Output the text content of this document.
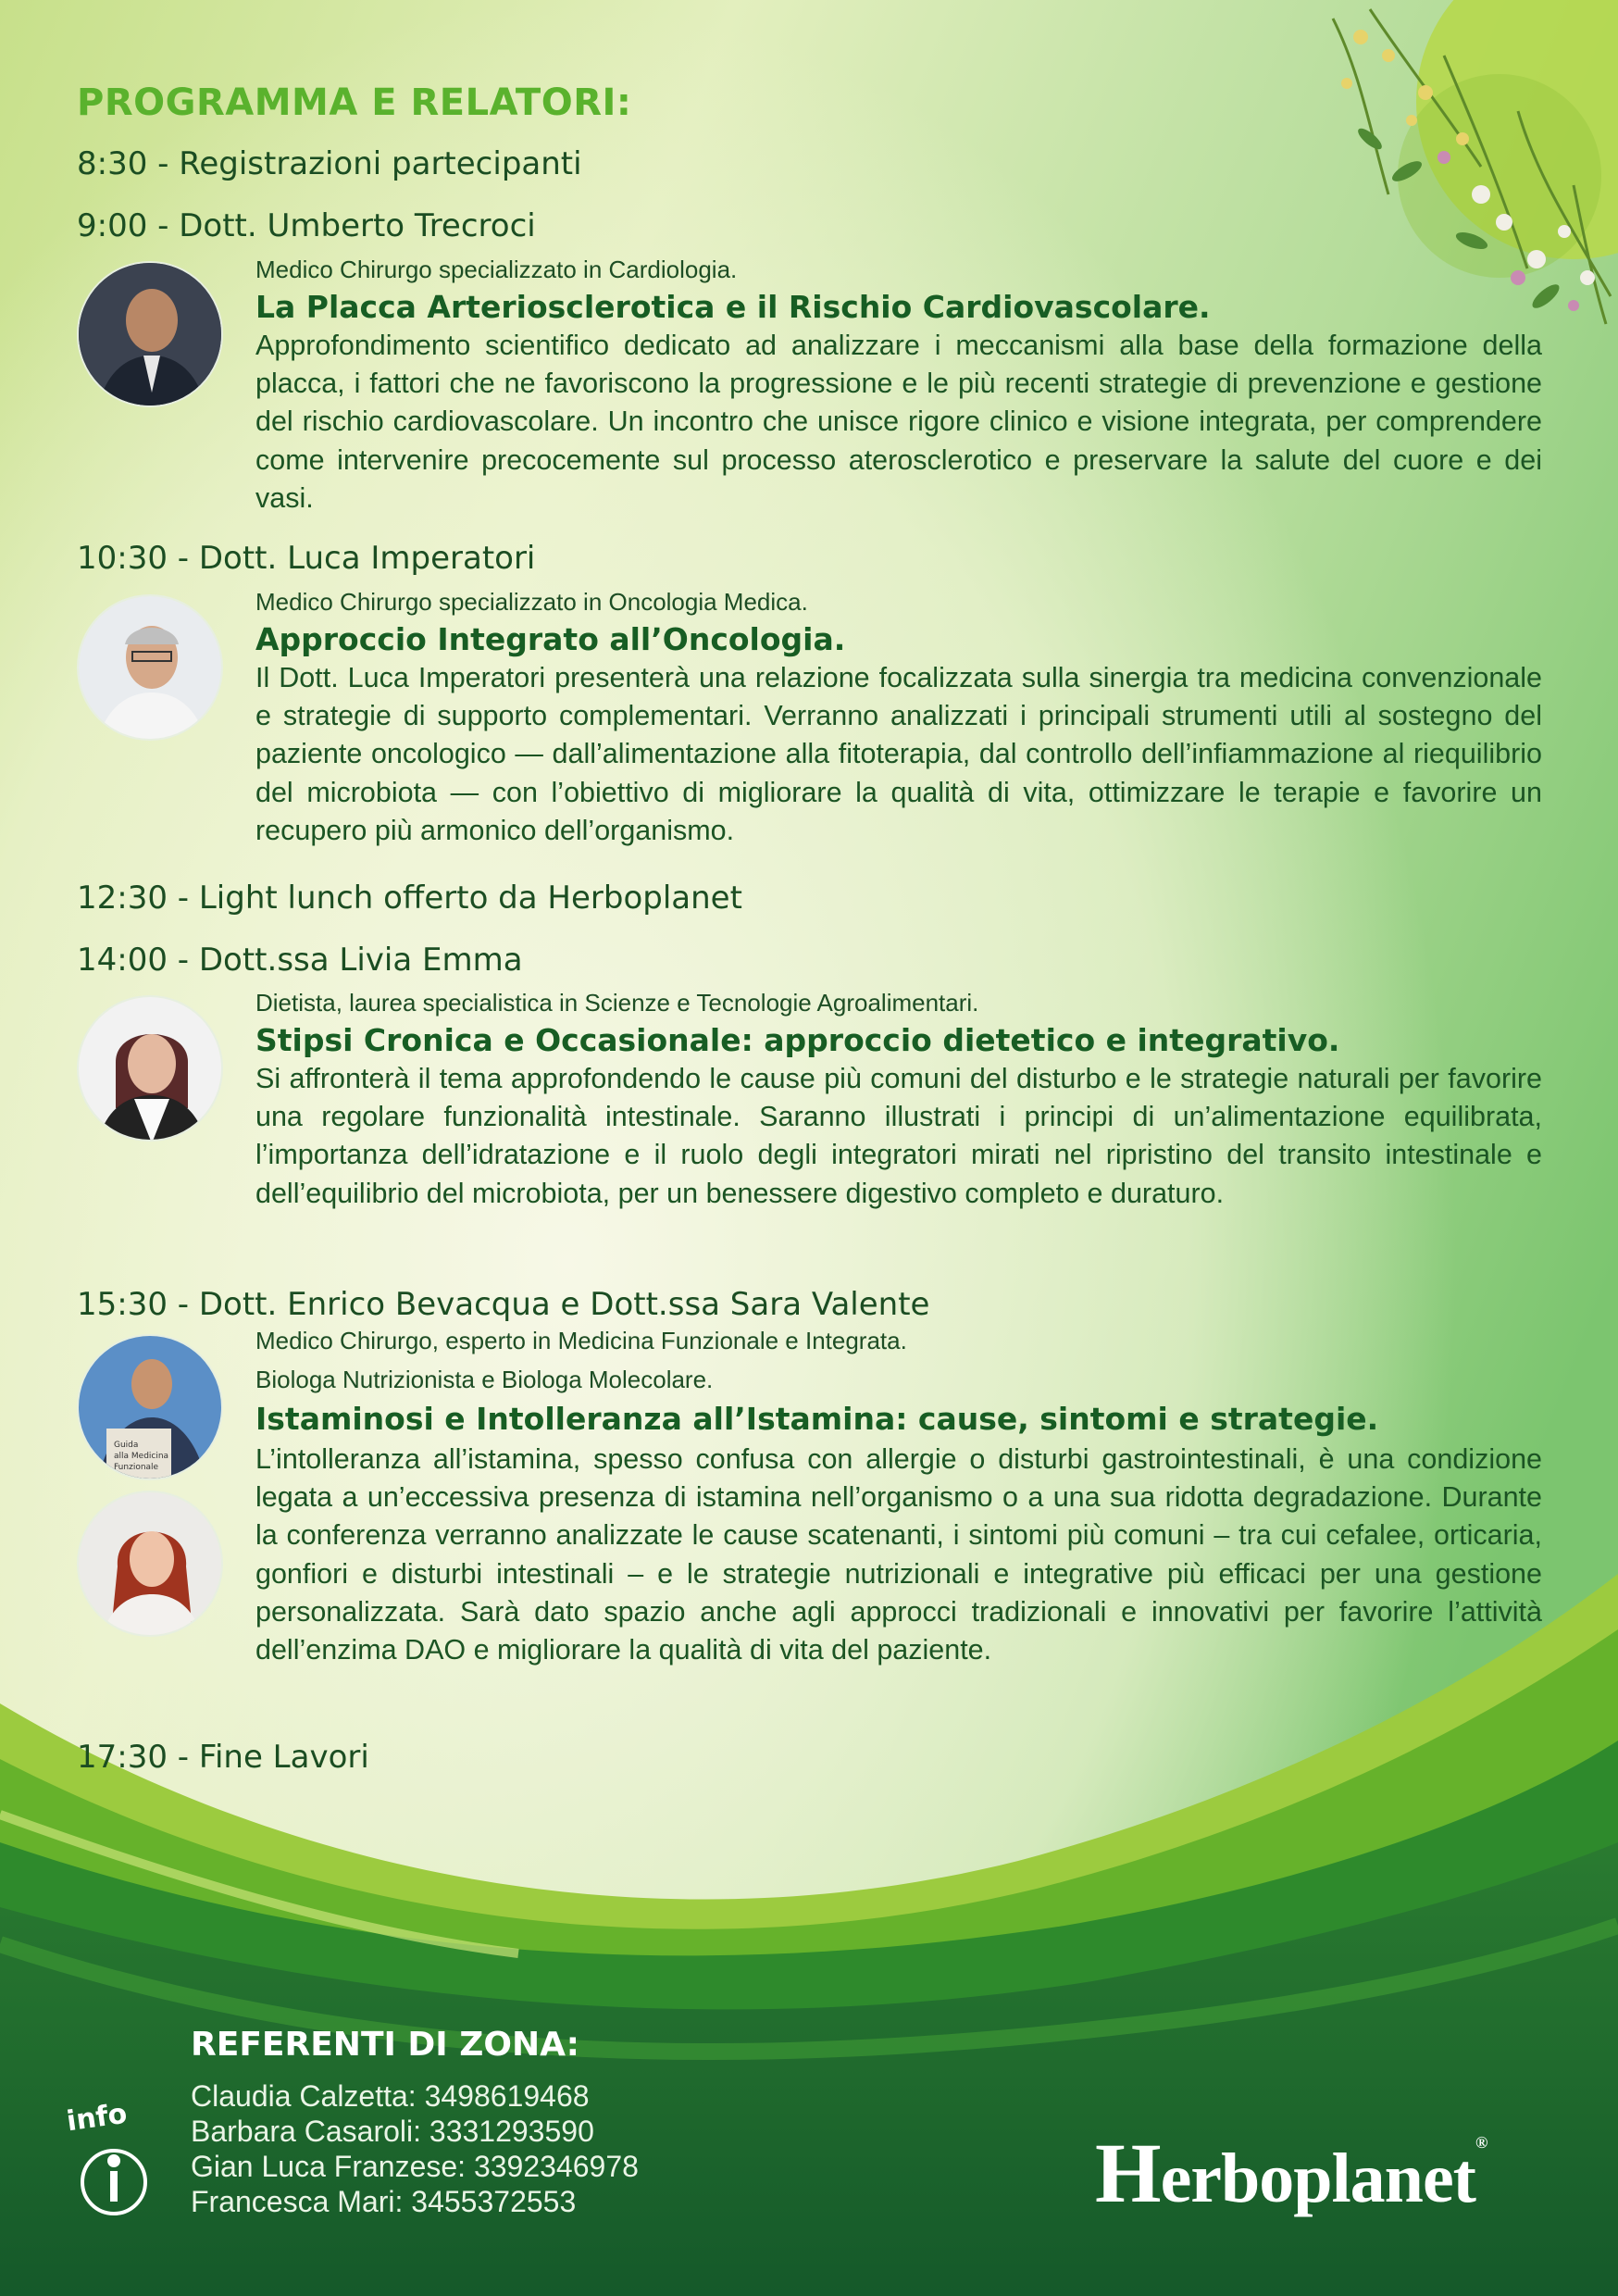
PROGRAMMA E RELATORI:
8:30 - Registrazioni partecipanti
9:00 - Dott. Umberto Trecroci
Medico Chirurgo specializzato in Cardiologia.
La Placca Arteriosclerotica e il Rischio Cardiovascolare.
Approfondimento scientifico dedicato ad analizzare i meccanismi alla base della formazione della placca, i fattori che ne favoriscono la progressione e le più recenti strategie di prevenzione e gestione del rischio cardiovascolare. Un incontro che unisce rigore clinico e visione integrata, per comprendere come intervenire precocemente sul processo aterosclerotico e preservare la salute del cuore e dei vasi.
10:30 - Dott. Luca Imperatori
Medico Chirurgo specializzato in Oncologia Medica.
Approccio Integrato all’Oncologia.
Il Dott. Luca Imperatori presenterà una relazione focalizzata sulla sinergia tra medicina convenzionale e strategie di supporto complementari. Verranno analizzati i principali strumenti utili al sostegno del paziente oncologico — dall’alimentazione alla fitoterapia, dal controllo dell’infiammazione al riequilibrio del microbiota — con l’obiettivo di migliorare la qualità di vita, ottimizzare le terapie e favorire un recupero più armonico dell’organismo.
12:30 - Light lunch offerto da Herboplanet
14:00 - Dott.ssa Livia Emma
Dietista, laurea specialistica in Scienze e Tecnologie Agroalimentari.
Stipsi Cronica e Occasionale: approccio dietetico e integrativo.
Si affronterà il tema approfondendo le cause più comuni del disturbo e le strategie naturali per favorire una regolare funzionalità intestinale. Saranno illustrati i principi di un’alimentazione equilibrata, l’importanza dell’idratazione e il ruolo degli integratori mirati nel ripristino del transito intestinale e dell’equilibrio del microbiota, per un benessere digestivo completo e duraturo.
15:30 - Dott. Enrico Bevacqua e Dott.ssa Sara Valente
Guida
alla Medicina
Funzionale
Medico Chirurgo, esperto in Medicina Funzionale e Integrata.
Biologa Nutrizionista e Biologa Molecolare.
Istaminosi e Intolleranza all’Istamina: cause, sintomi e strategie.
L’intolleranza all’istamina, spesso confusa con allergie o disturbi gastrointestinali, è una condizione legata a un’eccessiva presenza di istamina nell’organismo o a una sua ridotta degradazione. Durante la conferenza verranno analizzate le cause scatenanti, i sintomi più comuni – tra cui cefalee, orticaria, gonfiori e disturbi intestinali – e le strategie nutrizionali e integrative più efficaci per una gestione personalizzata. Sarà dato spazio anche agli approcci tradizionali e innovativi per favorire l’attività dell’enzima DAO e migliorare la qualità di vita del paziente.
17:30 - Fine Lavori
REFERENTI DI ZONA:
info
Claudia Calzetta: 3498619468
Barbara Casaroli: 3331293590
Gian Luca Franzese: 3392346978
Francesca Mari: 3455372553	Herboplanet®
